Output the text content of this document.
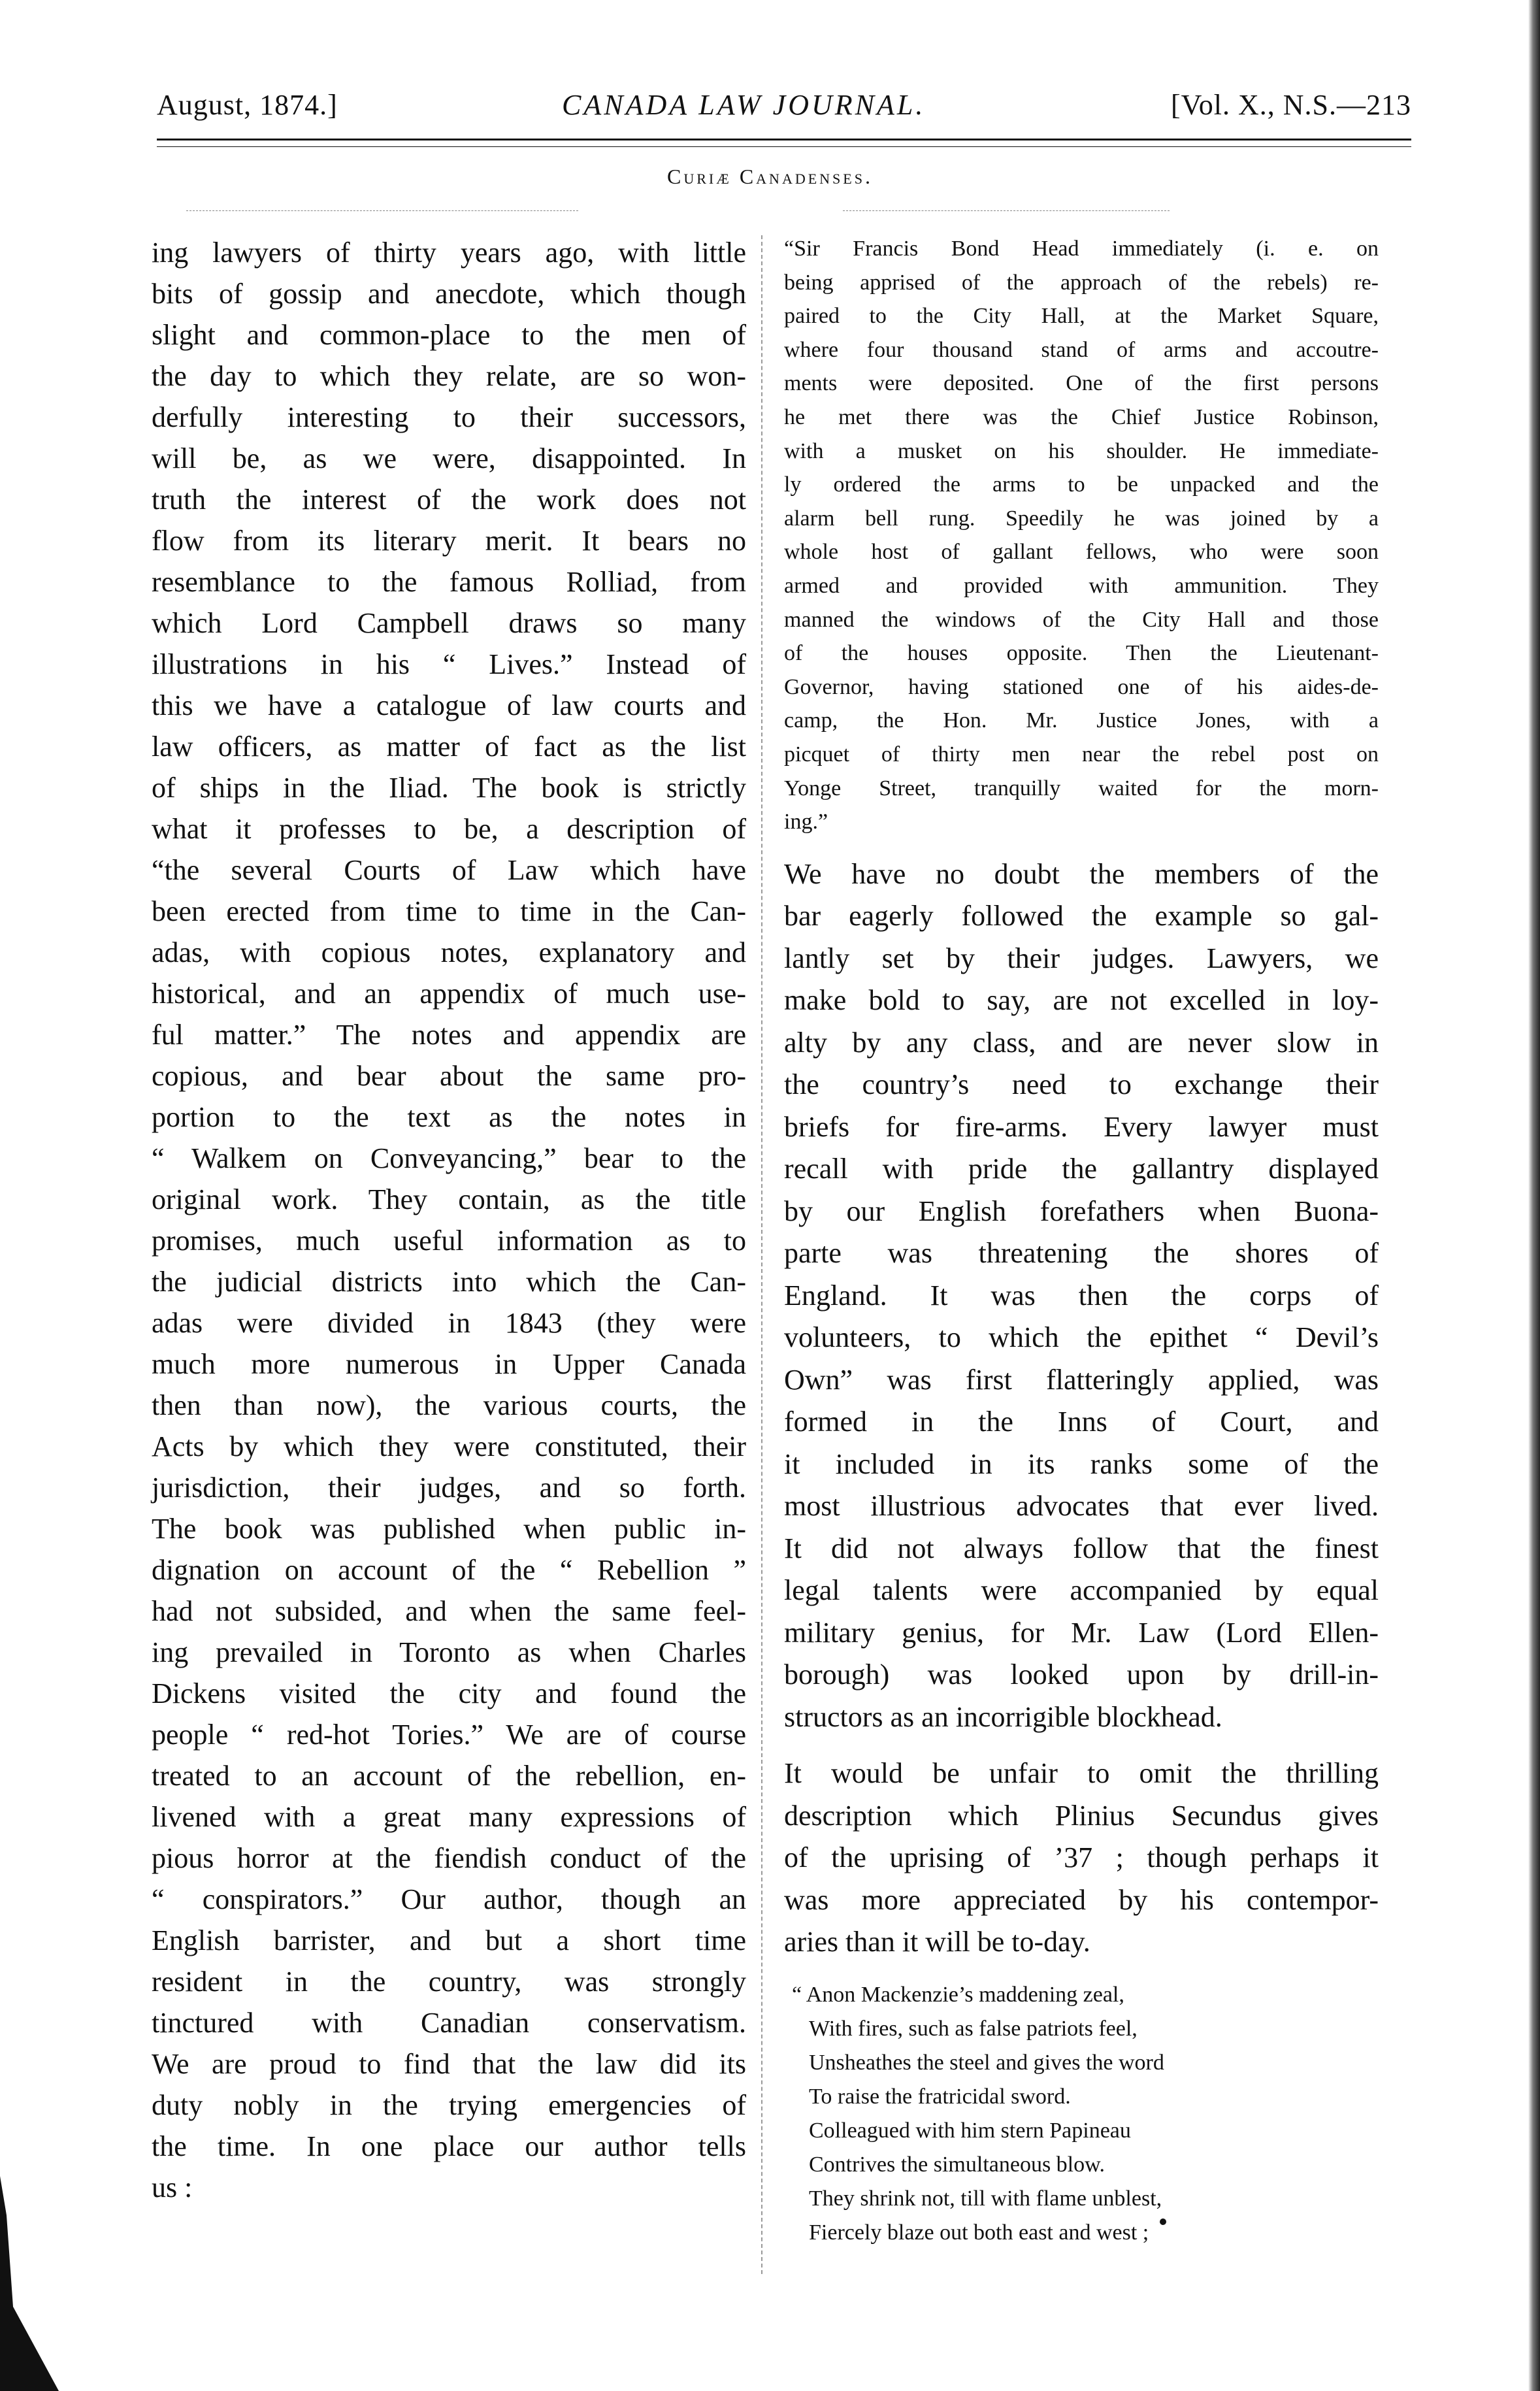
August, 1874.]	CANADA LAW JOURNAL.	[Vol. X., N.S.—213
Curiæ Canadenses.
ing lawyers of thirty years ago, with little
bits of gossip and anecdote, which though
slight and common-place to the men of
the day to which they relate, are so won-
derfully interesting to their successors,
will be, as we were, disappointed. In
truth the interest of the work does not
flow from its literary merit. It bears no
resemblance to the famous Rolliad, from
which Lord Campbell draws so many
illustrations in his “ Lives.” Instead of
this we have a catalogue of law courts and
law officers, as matter of fact as the list
of ships in the Iliad. The book is strictly
what it professes to be, a description of
“the several Courts of Law which have
been erected from time to time in the Can-
adas, with copious notes, explanatory and
historical, and an appendix of much use-
ful matter.” The notes and appendix are
copious, and bear about the same pro-
portion to the text as the notes in
“ Walkem on Conveyancing,” bear to the
original work. They contain, as the title
promises, much useful information as to
the judicial districts into which the Can-
adas were divided in 1843 (they were
much more numerous in Upper Canada
then than now), the various courts, the
Acts by which they were constituted, their
jurisdiction, their judges, and so forth.
The book was published when public in-
dignation on account of the “ Rebellion ”
had not subsided, and when the same feel-
ing prevailed in Toronto as when Charles
Dickens visited the city and found the
people “ red-hot Tories.” We are of course
treated to an account of the rebellion, en-
livened with a great many expressions of
pious horror at the fiendish conduct of the
“ conspirators.” Our author, though an
English barrister, and but a short time
resident in the country, was strongly
tinctured with Canadian conservatism.
We are proud to find that the law did its
duty nobly in the trying emergencies of
the time. In one place our author tells
us :
“Sir Francis Bond Head immediately (i. e. on
being apprised of the approach of the rebels) re-
paired to the City Hall, at the Market Square,
where four thousand stand of arms and accoutre-
ments were deposited. One of the first persons
he met there was the Chief Justice Robinson,
with a musket on his shoulder. He immediate-
ly ordered the arms to be unpacked and the
alarm bell rung. Speedily he was joined by a
whole host of gallant fellows, who were soon
armed and provided with ammunition. They
manned the windows of the City Hall and those
of the houses opposite. Then the Lieutenant-
Governor, having stationed one of his aides-de-
camp, the Hon. Mr. Justice Jones, with a
picquet of thirty men near the rebel post on
Yonge Street, tranquilly waited for the morn-
ing.”
We have no doubt the members of the
bar eagerly followed the example so gal-
lantly set by their judges. Lawyers, we
make bold to say, are not excelled in loy-
alty by any class, and are never slow in
the country’s need to exchange their
briefs for fire-arms. Every lawyer must
recall with pride the gallantry displayed
by our English forefathers when Buona-
parte was threatening the shores of
England. It was then the corps of
volunteers, to which the epithet “ Devil’s
Own” was first flatteringly applied, was
formed in the Inns of Court, and
it included in its ranks some of the
most illustrious advocates that ever lived.
It did not always follow that the finest
legal talents were accompanied by equal
military genius, for Mr. Law (Lord Ellen-
borough) was looked upon by drill-in-
structors as an incorrigible blockhead.
It would be unfair to omit the thrilling
description which Plinius Secundus gives
of the uprising of ’37 ; though perhaps it
was more appreciated by his contempor-
aries than it will be to-day.
“ Anon Mackenzie’s maddening zeal,
With fires, such as false patriots feel,
Unsheathes the steel and gives the word
To raise the fratricidal sword.
Colleagued with him stern Papineau
Contrives the simultaneous blow.
They shrink not, till with flame unblest,
Fiercely blaze out both east and west ;
